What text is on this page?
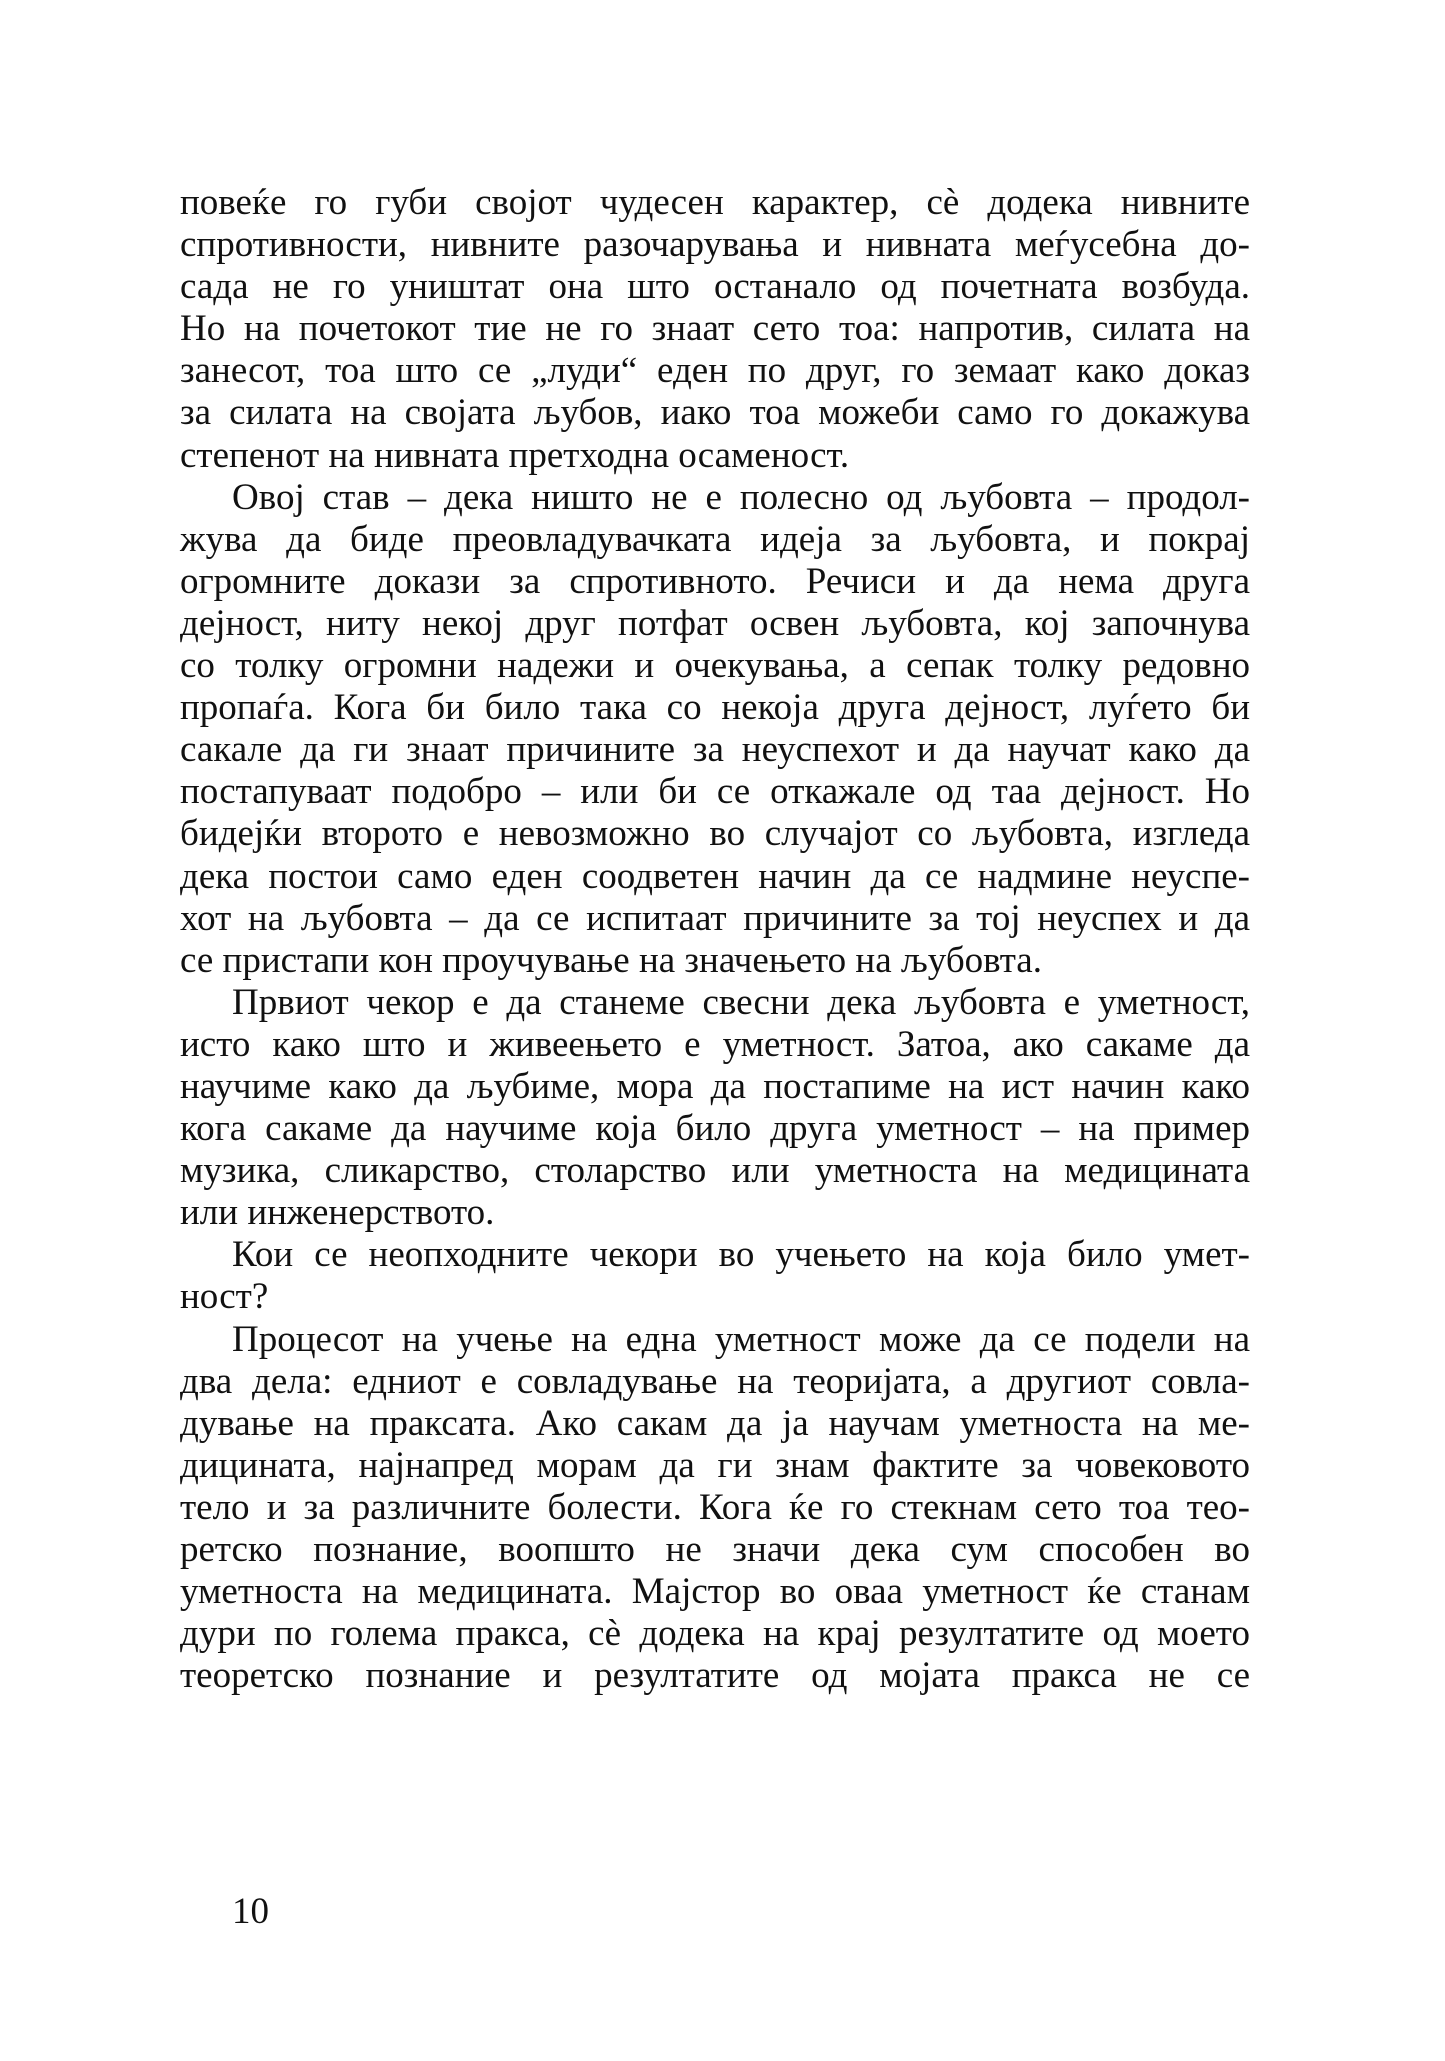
повеќе го губи својот чудесен карактер, сè додека нивните
спротивности, нивните разочарувања и нивната меѓусебна до-
сада не го уништат она што останало од почетната возбуда.
Но на почетокот тие не го знаат сето тоа: напротив, силата на
занесот, тоа што се „луди“ еден по друг, го земаат како доказ
за силата на својата љубов, иако тоа можеби само го докажува
степенот на нивната претходна осаменост.
Овој став – дека ништо не е полесно од љубовта – продол-
жува да биде преовладувачката идеја за љубовта, и покрај
огромните докази за спротивното. Речиси и да нема друга
дејност, ниту некој друг потфат освен љубовта, кој започнува
со толку огромни надежи и очекувања, а сепак толку редовно
пропаѓа. Кога би било така со некоја друга дејност, луѓето би
сакале да ги знаат причините за неуспехот и да научат како да
постапуваат подобро – или би се откажале од таа дејност. Но
бидејќи второто е невозможно во случајот со љубовта, изгледа
дека постои само еден соодветен начин да се надмине неуспе-
хот на љубовта – да се испитаат причините за тој неуспех и да
се пристапи кон проучување на значењето на љубовта.
Првиот чекор е да станеме свесни дека љубовта е уметност,
исто како што и живеењето е уметност. Затоа, ако сакаме да
научиме како да љубиме, мора да постапиме на ист начин како
кога сакаме да научиме која било друга уметност – на пример
музика, сликарство, столарство или уметноста на медицината
или инженерството.
Кои се неопходните чекори во учењето на која било умет-
ност?
Процесот на учење на една уметност може да се подели на
два дела: едниот е совладување на теоријата, а другиот совла-
дување на праксата. Ако сакам да ја научам уметноста на ме-
дицината, најнапред морам да ги знам фактите за човековото
тело и за различните болести. Кога ќе го стекнам сето тоа тео-
ретско познание, воопшто не значи дека сум способен во
уметноста на медицината. Мајстор во оваа уметност ќе станам
дури по голема пракса, сè додека на крај резултатите од моето
теоретско познание и резултатите од мојата пракса не се
10
